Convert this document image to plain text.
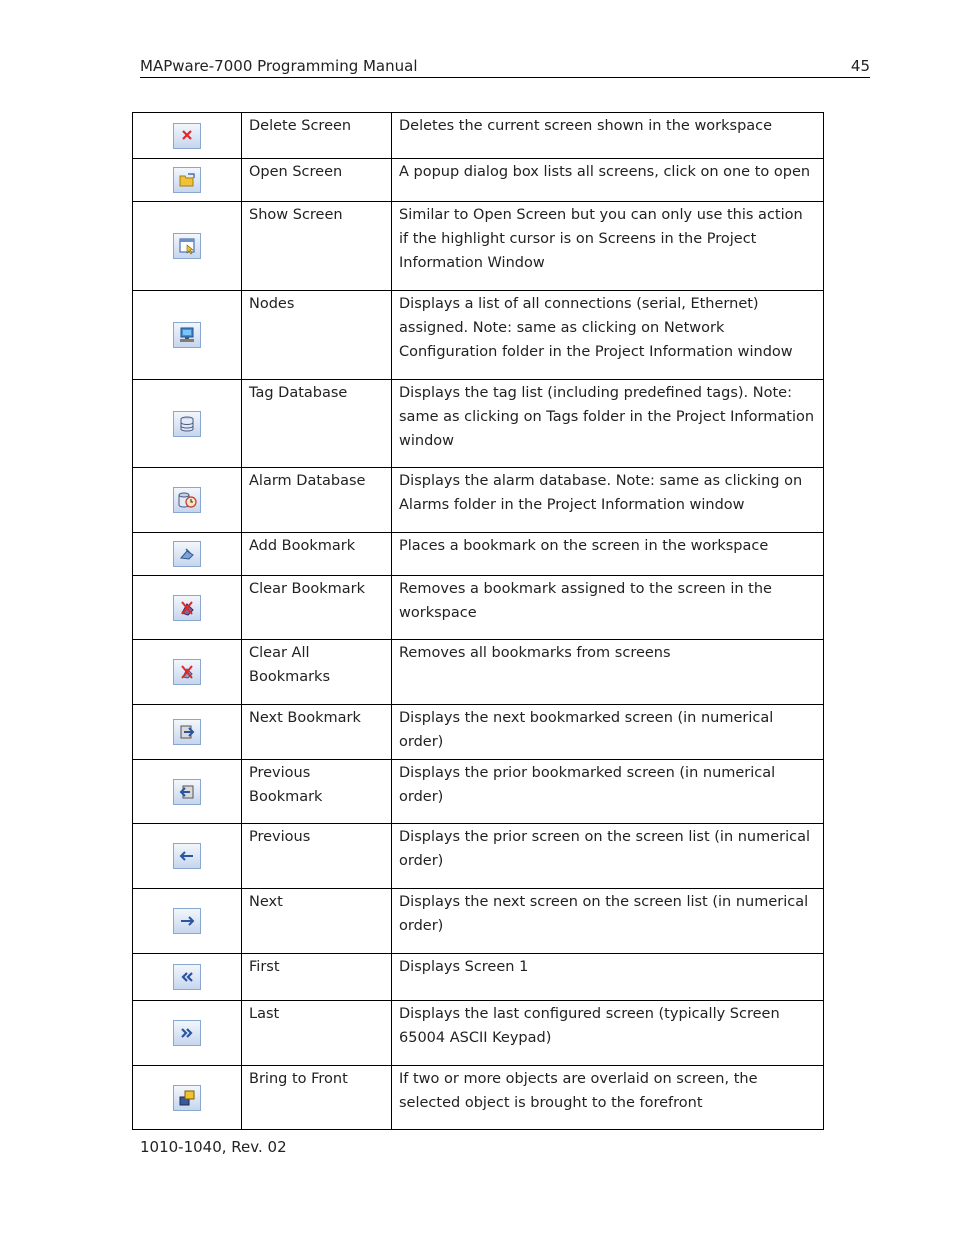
MAPware-7000 Programming Manual	45
	Delete Screen	Deletes the current screen shown in the workspace

	Open Screen	A popup dialog box lists all screens, click on one to open

	Show Screen	Similar to Open Screen but you can only use this action if the highlight cursor is on Screens in the Project Information Window

	Nodes	Displays a list of all connections (serial, Ethernet) assigned. Note: same as clicking on Network Configuration folder in the Project Information window

	Tag Database	Displays the tag list (including predefined tags). Note: same as clicking on Tags folder in the Project Information window

	Alarm Database	Displays the alarm database. Note: same as clicking on Alarms folder in the Project Information window

	Add Bookmark	Places a bookmark on the screen in the workspace

	Clear Bookmark	Removes a bookmark assigned to the screen in the workspace

	Clear All Bookmarks	Removes all bookmarks from screens

	Next Bookmark	Displays the next bookmarked screen (in numerical order)

	Previous Bookmark	Displays the prior bookmarked screen (in numerical order)

	Previous	Displays the prior screen on the screen list (in numerical order)

	Next	Displays the next screen on the screen list (in numerical order)

	First	Displays Screen 1

	Last	Displays the last configured screen (typically Screen 65004 ASCII Keypad)

	Bring to Front	If two or more objects are overlaid on screen, the selected object is brought to the forefront
1010-1040, Rev. 02
